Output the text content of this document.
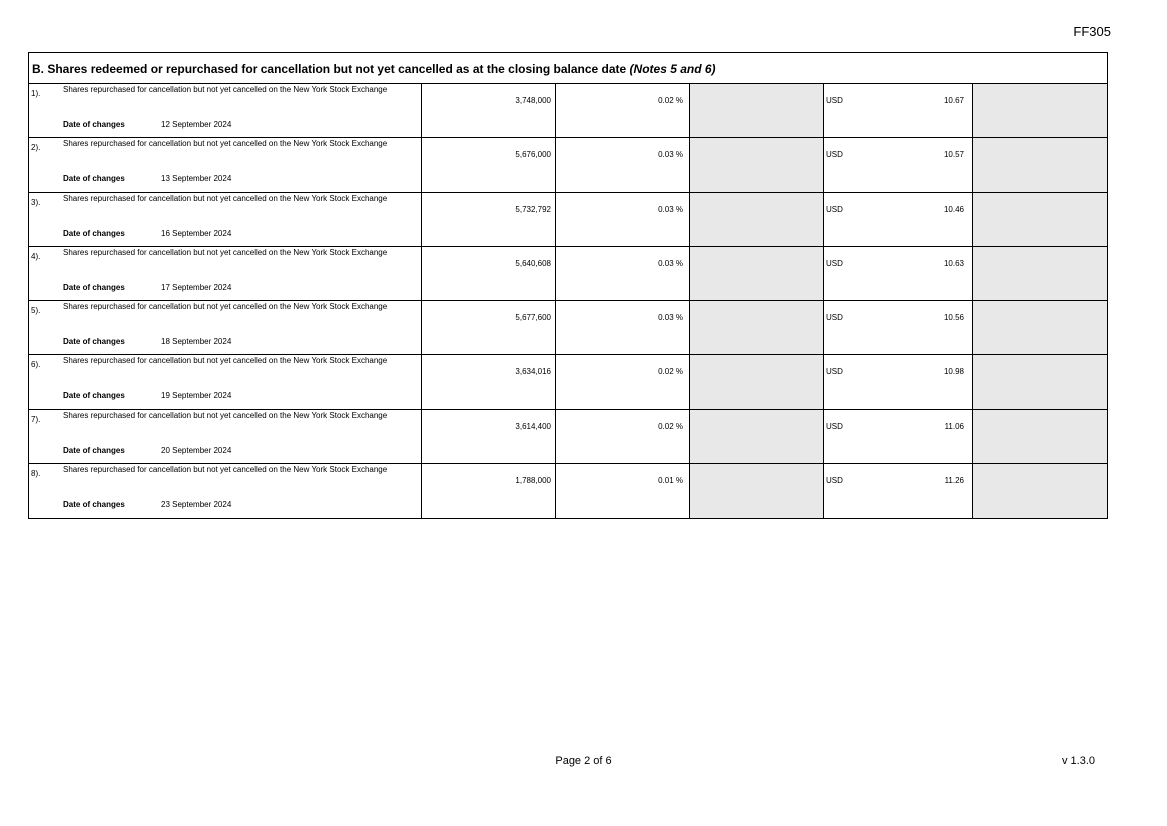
FF305
B. Shares redeemed or repurchased for cancellation but not yet cancelled as at the closing balance date (Notes 5 and 6)
1).	Shares repurchased for cancellation but not yet cancelled on the New York Stock Exchange
Date of changes	12 September 2024
3,748,000	0.02 %	USD	10.67
2).	Shares repurchased for cancellation but not yet cancelled on the New York Stock Exchange
Date of changes	13 September 2024
5,676,000	0.03 %	USD	10.57
3).	Shares repurchased for cancellation but not yet cancelled on the New York Stock Exchange
Date of changes	16 September 2024
5,732,792	0.03 %	USD	10.46
4).	Shares repurchased for cancellation but not yet cancelled on the New York Stock Exchange
Date of changes	17 September 2024
5,640,608	0.03 %	USD	10.63
5).	Shares repurchased for cancellation but not yet cancelled on the New York Stock Exchange
Date of changes	18 September 2024
5,677,600	0.03 %	USD	10.56
6).	Shares repurchased for cancellation but not yet cancelled on the New York Stock Exchange
Date of changes	19 September 2024
3,634,016	0.02 %	USD	10.98
7).	Shares repurchased for cancellation but not yet cancelled on the New York Stock Exchange
Date of changes	20 September 2024
3,614,400	0.02 %	USD	11.06
8).	Shares repurchased for cancellation but not yet cancelled on the New York Stock Exchange
Date of changes	23 September 2024
1,788,000	0.01 %	USD	11.26
Page 2 of 6	v 1.3.0
